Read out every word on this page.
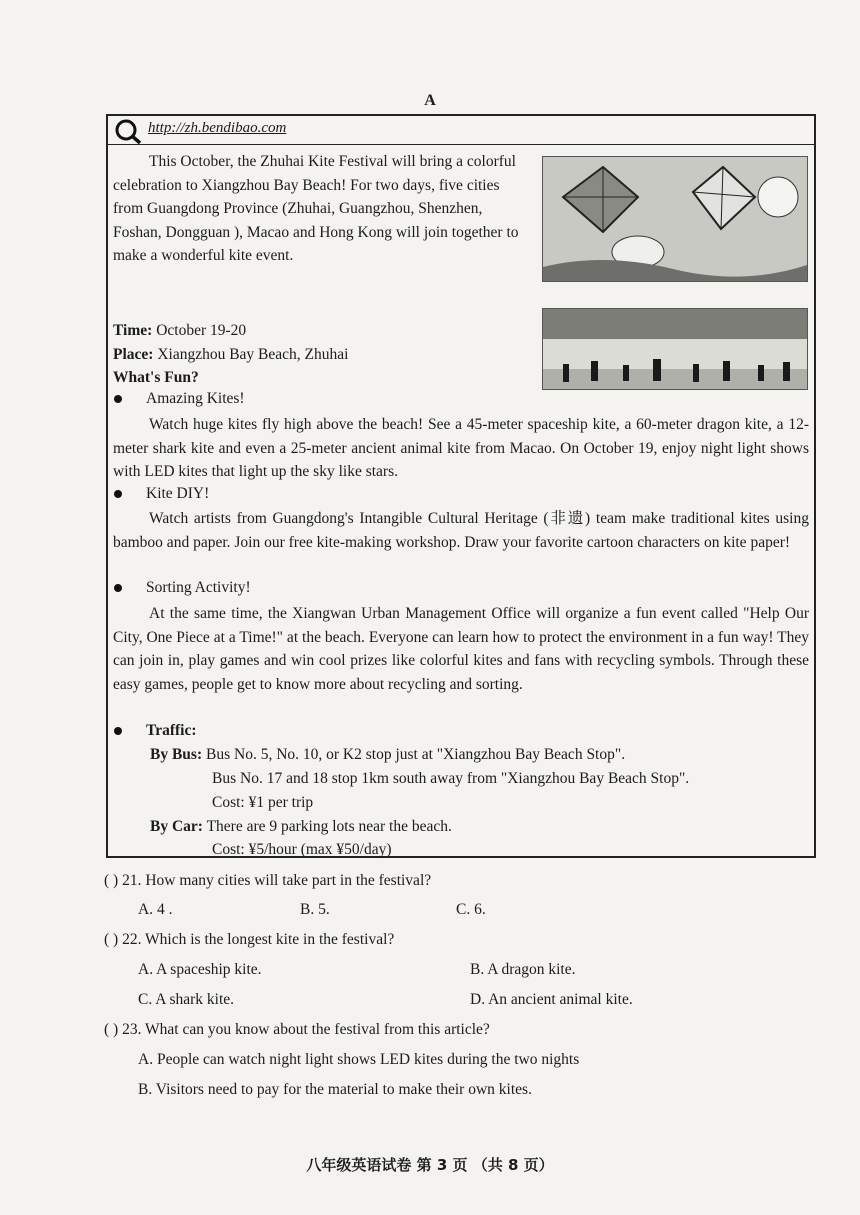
A
http://zh.bendibao.com
This October, the Zhuhai Kite Festival will bring a colorful celebration to Xiangzhou Bay Beach! For two days, five cities from Guangdong Province (Zhuhai, Guangzhou, Shenzhen, Foshan, Dongguan ), Macao and Hong Kong will join together to make a wonderful kite event.
Time: October 19-20
Place: Xiangzhou Bay Beach, Zhuhai
What's Fun?
Amazing Kites!
Watch huge kites fly high above the beach! See a 45-meter spaceship kite, a 60-meter dragon kite, a 12-meter shark kite and even a 25-meter ancient animal kite from Macao. On October 19, enjoy night light shows with LED kites that light up the sky like stars.
Kite DIY!
Watch artists from Guangdong's Intangible Cultural Heritage (非遗) team make traditional kites using bamboo and paper. Join our free kite-making workshop. Draw your favorite cartoon characters on kite paper!
Sorting Activity!
At the same time, the Xiangwan Urban Management Office will organize a fun event called "Help Our City, One Piece at a Time!" at the beach. Everyone can learn how to protect the environment in a fun way! They can join in, play games and win cool prizes like colorful kites and fans with recycling symbols. Through these easy games, people get to know more about recycling and sorting.
Traffic:
By Bus: Bus No. 5, No. 10, or K2 stop just at "Xiangzhou Bay Beach Stop".
Bus No. 17 and 18 stop 1km south away from "Xiangzhou Bay Beach Stop".
Cost: ¥1 per trip
By Car: There are 9 parking lots near the beach.
Cost: ¥5/hour (max ¥50/day)
( ) 21. How many cities will take part in the festival?
A. 4 .	B. 5.	C. 6.
( ) 22. Which is the longest kite in the festival?
A. A spaceship kite.	B. A dragon kite.
C. A shark kite.	D. An ancient animal kite.
( ) 23. What can you know about the festival from this article?
A. People can watch night light shows LED kites during the two nights
B. Visitors need to pay for the material to make their own kites.
八年级英语试卷 第 3 页 （共 8 页）
